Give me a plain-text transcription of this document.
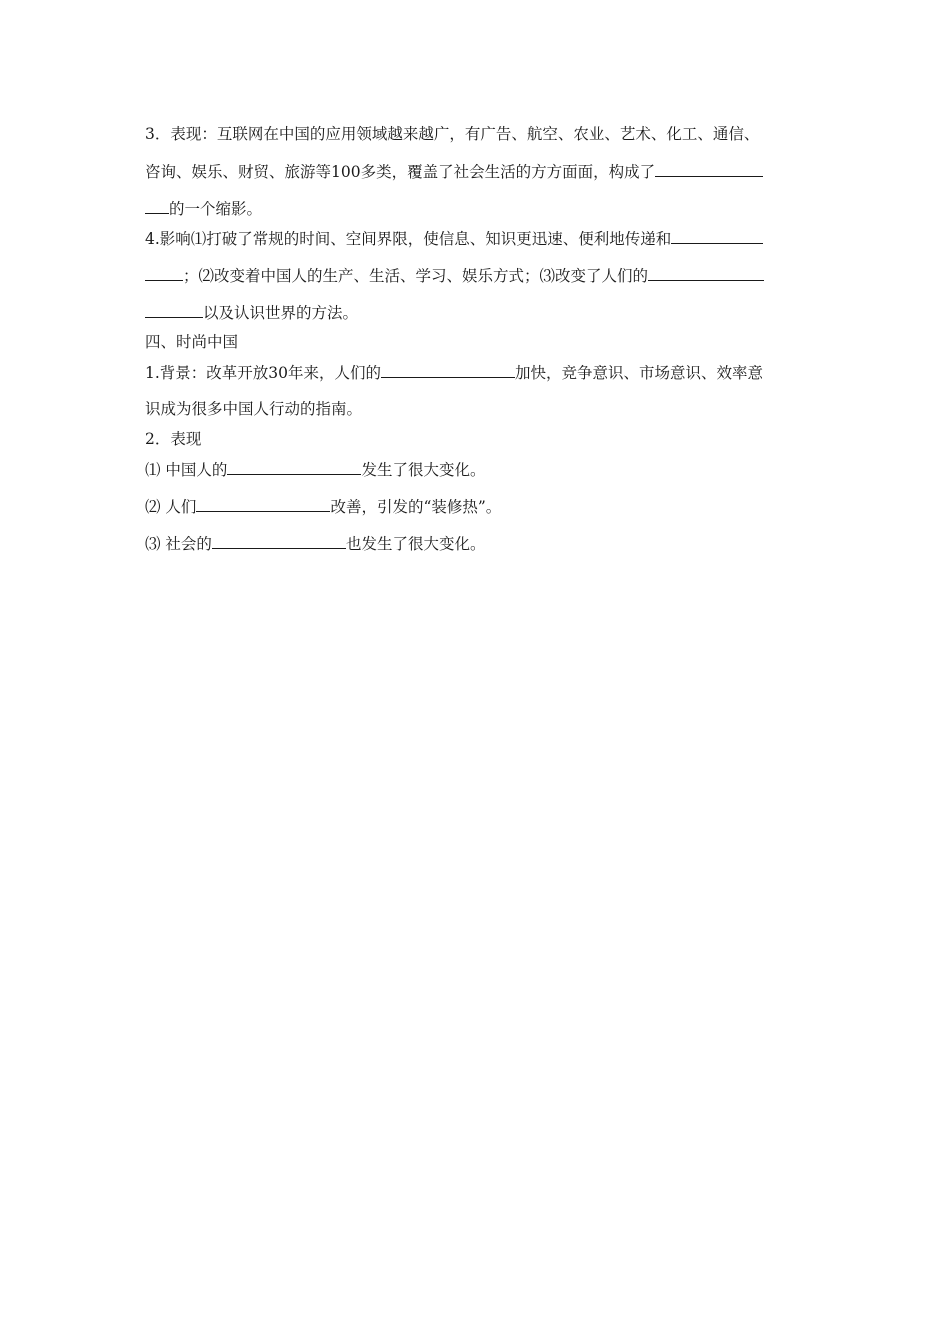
3．表现：互联网在中国的应用领域越来越广，有广告、航空、农业、艺术、化工、通信、
咨询、娱乐、财贸、旅游等100多类，覆盖了社会生活的方方面面，构成了
的一个缩影。
4.影响⑴打破了常规的时间、空间界限，使信息、知识更迅速、便利地传递和
；⑵改变着中国人的生产、生活、学习、娱乐方式；⑶改变了人们的
以及认识世界的方法。
四、时尚中国
1.背景：改革开放30年来，人们的	加快，竞争意识、市场意识、效率意
识成为很多中国人行动的指南。
2．表现
⑴ 中国人的	发生了很大变化。
⑵ 人们	改善，引发的“装修热”。
⑶ 社会的	也发生了很大变化。
